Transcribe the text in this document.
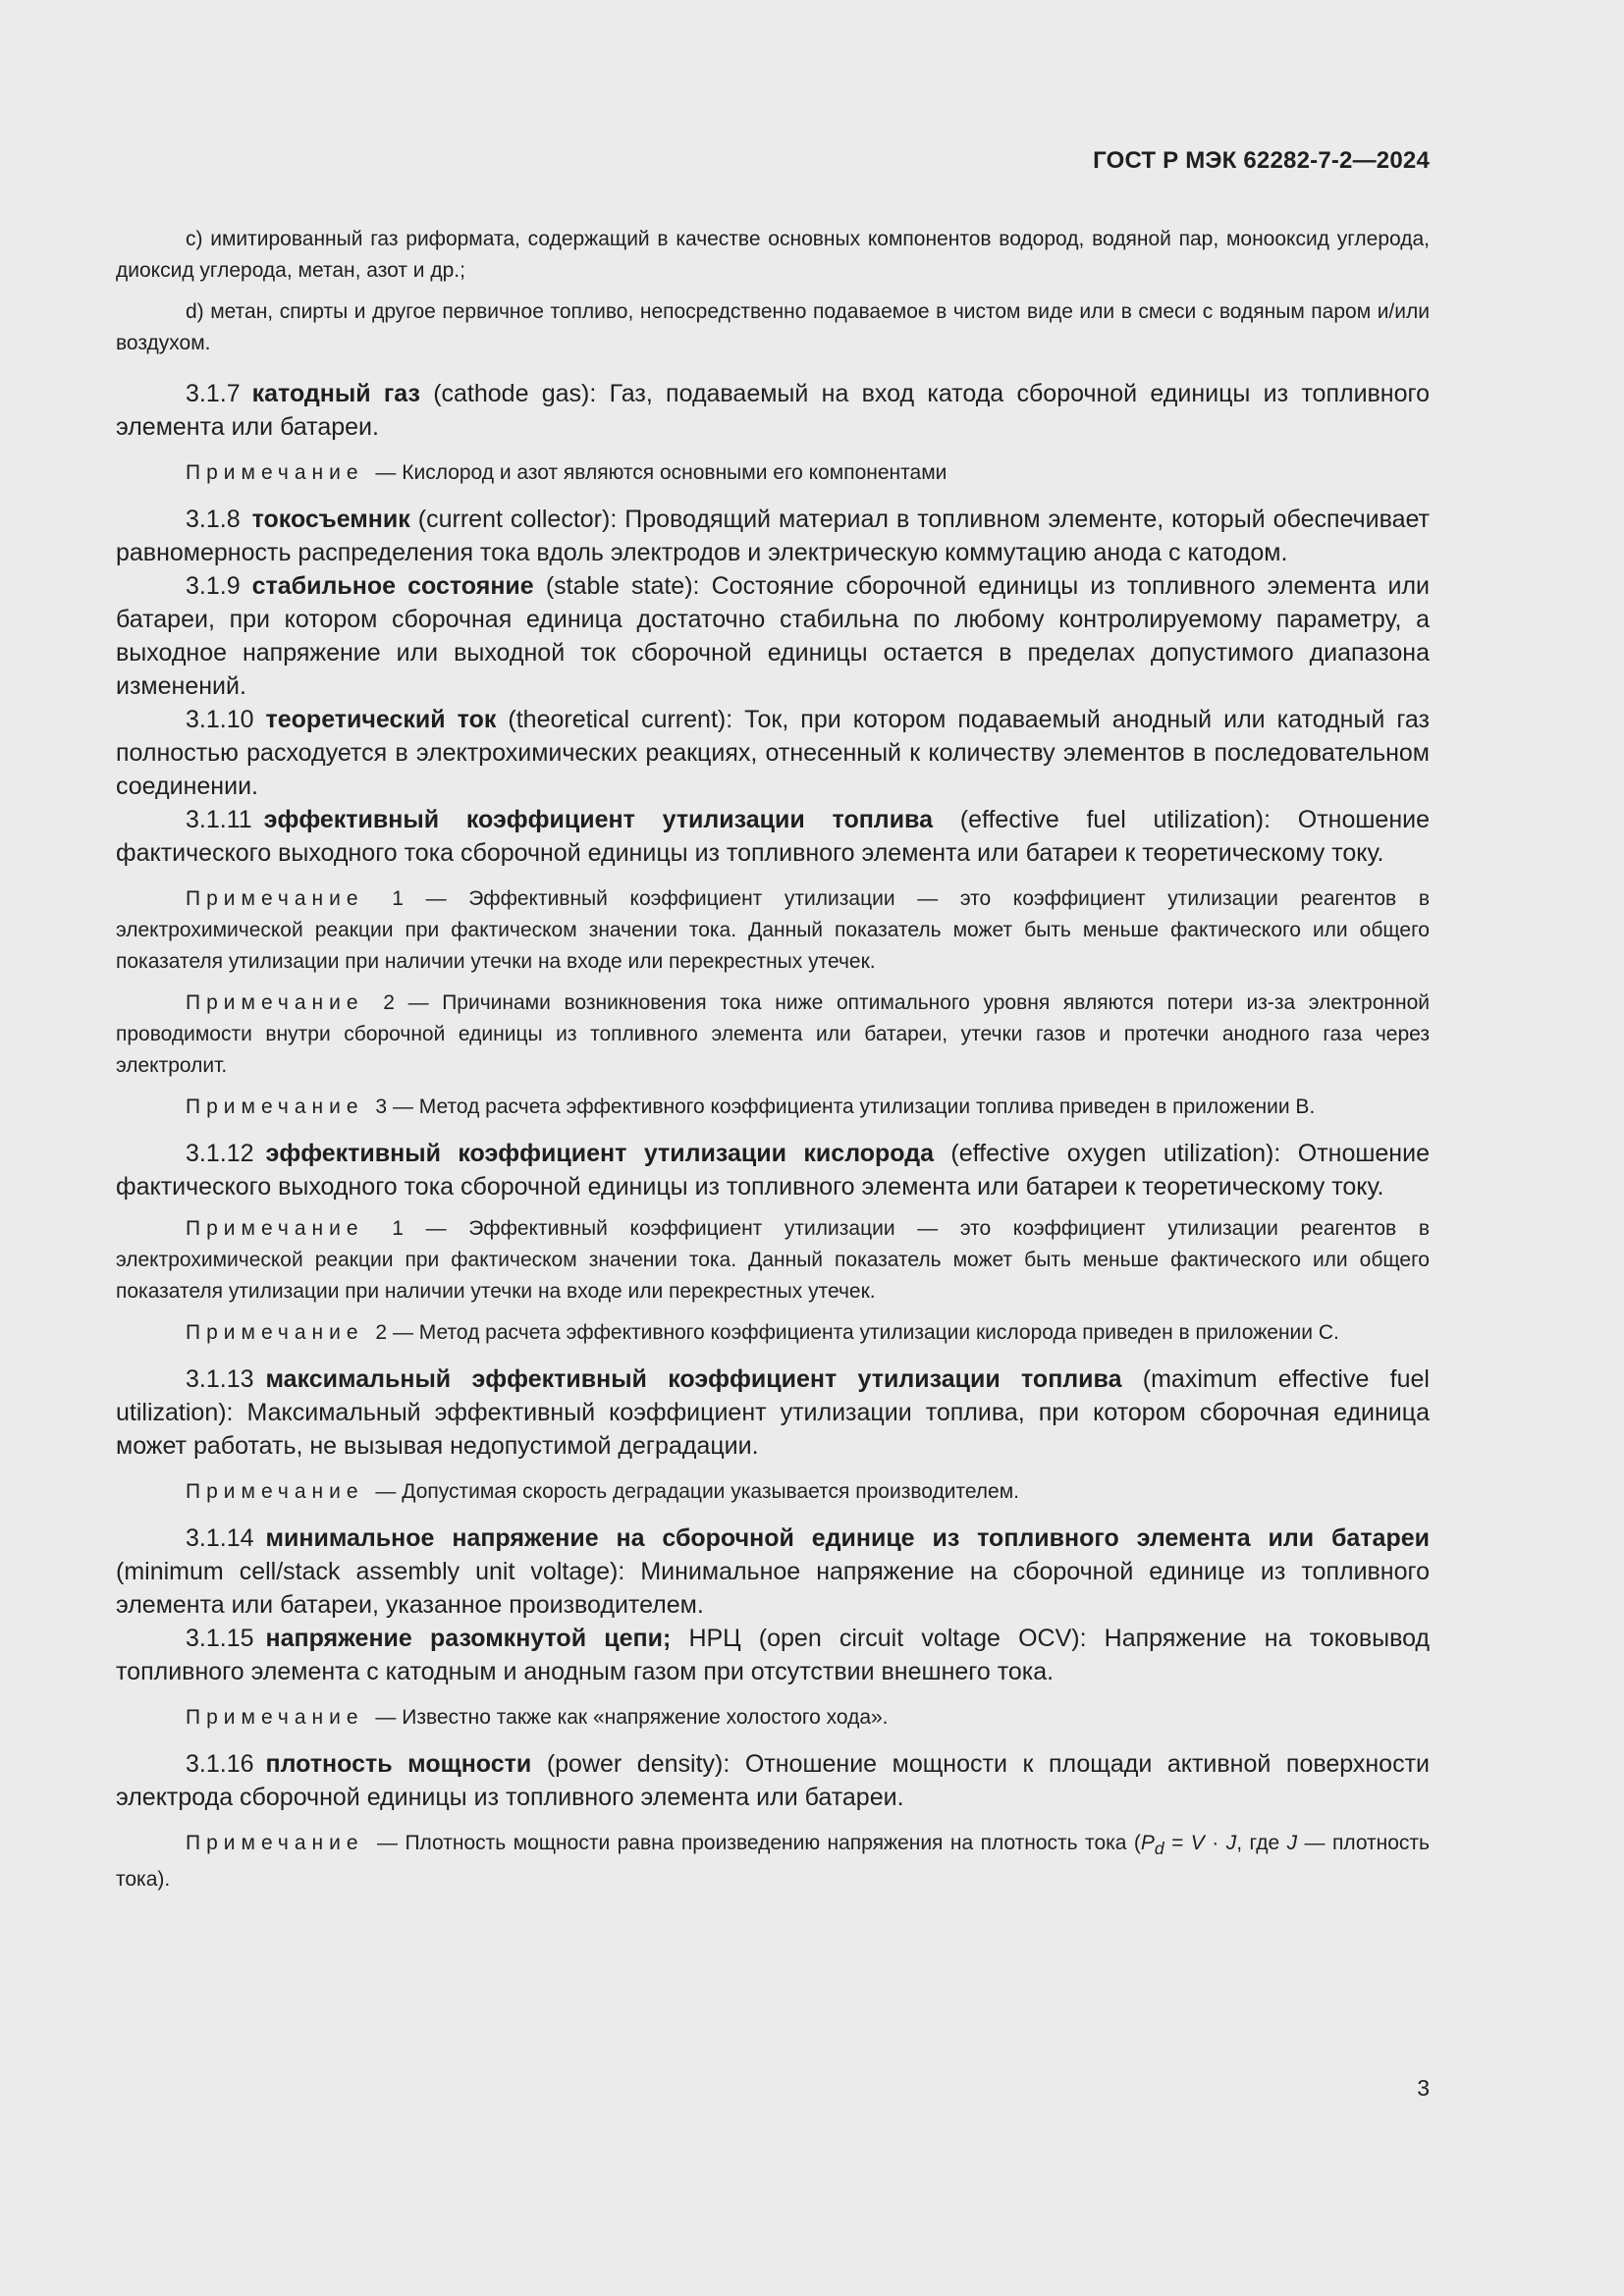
ГОСТ Р МЭК 62282-7-2—2024

c) имитированный газ риформата, содержащий в качестве основных компонентов водород, водяной пар, монооксид углерода, диоксид углерода, метан, азот и др.;

d) метан, спирты и другое первичное топливо, непосредственно подаваемое в чистом виде или в смеси с водяным паром и/или воздухом.

3.1.7 катодный газ (cathode gas): Газ, подаваемый на вход катода сборочной единицы из топливного элемента или батареи.

Примечание — Кислород и азот являются основными его компонентами

3.1.8 токосъемник (current collector): Проводящий материал в топливном элементе, который обеспечивает равномерность распределения тока вдоль электродов и электрическую коммутацию анода с катодом.

3.1.9 стабильное состояние (stable state): Состояние сборочной единицы из топливного элемента или батареи, при котором сборочная единица достаточно стабильна по любому контролируемому параметру, а выходное напряжение или выходной ток сборочной единицы остается в пределах допустимого диапазона изменений.

3.1.10 теоретический ток (theoretical current): Ток, при котором подаваемый анодный или катодный газ полностью расходуется в электрохимических реакциях, отнесенный к количеству элементов в последовательном соединении.

3.1.11 эффективный коэффициент утилизации топлива (effective fuel utilization): Отношение фактического выходного тока сборочной единицы из топливного элемента или батареи к теоретическому току.

Примечание 1 — Эффективный коэффициент утилизации — это коэффициент утилизации реагентов в электрохимической реакции при фактическом значении тока. Данный показатель может быть меньше фактического или общего показателя утилизации при наличии утечки на входе или перекрестных утечек.

Примечание 2 — Причинами возникновения тока ниже оптимального уровня являются потери из-за электронной проводимости внутри сборочной единицы из топливного элемента или батареи, утечки газов и протечки анодного газа через электролит.

Примечание 3 — Метод расчета эффективного коэффициента утилизации топлива приведен в приложении B.

3.1.12 эффективный коэффициент утилизации кислорода (effective oxygen utilization): Отношение фактического выходного тока сборочной единицы из топливного элемента или батареи к теоретическому току.

Примечание 1 — Эффективный коэффициент утилизации — это коэффициент утилизации реагентов в электрохимической реакции при фактическом значении тока. Данный показатель может быть меньше фактического или общего показателя утилизации при наличии утечки на входе или перекрестных утечек.

Примечание 2 — Метод расчета эффективного коэффициента утилизации кислорода приведен в приложении C.

3.1.13 максимальный эффективный коэффициент утилизации топлива (maximum effective fuel utilization): Максимальный эффективный коэффициент утилизации топлива, при котором сборочная единица может работать, не вызывая недопустимой деградации.

Примечание — Допустимая скорость деградации указывается производителем.

3.1.14 минимальное напряжение на сборочной единице из топливного элемента или батареи (minimum cell/stack assembly unit voltage): Минимальное напряжение на сборочной единице из топливного элемента или батареи, указанное производителем.

3.1.15 напряжение разомкнутой цепи; НРЦ (open circuit voltage OCV): Напряжение на токовывод топливного элемента с катодным и анодным газом при отсутствии внешнего тока.

Примечание — Известно также как «напряжение холостого хода».

3.1.16 плотность мощности (power density): Отношение мощности к площади активной поверхности электрода сборочной единицы из топливного элемента или батареи.

Примечание — Плотность мощности равна произведению напряжения на плотность тока ($P_d = V \cdot J$, где J — плотность тока).

3
